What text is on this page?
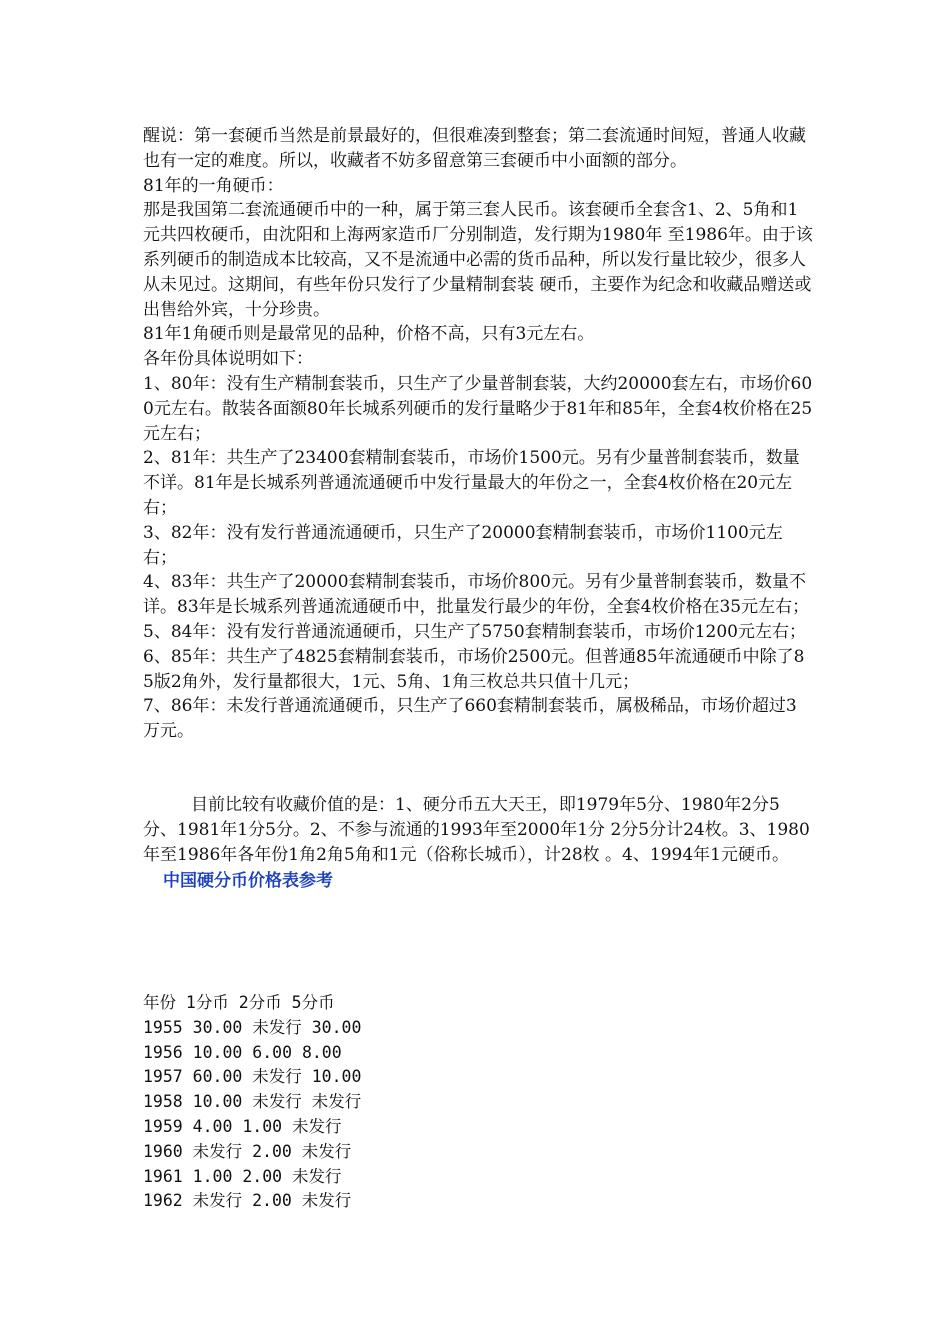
醒说：第一套硬币当然是前景最好的，但很难凑到整套；第二套流通时间短，普通人收藏也有一定的难度。所以，收藏者不妨多留意第三套硬币中小面额的部分。

81年的一角硬币：

那是我国第二套流通硬币中的一种，属于第三套人民币。该套硬币全套含1、2、5角和1元共四枚硬币，由沈阳和上海两家造币厂分别制造，发行期为1980年 至1986年。由于该系列硬币的制造成本比较高，又不是流通中必需的货币品种，所以发行量比较少，很多人从未见过。这期间，有些年份只发行了少量精制套装 硬币，主要作为纪念和收藏品赠送或出售给外宾，十分珍贵。

81年1角硬币则是最常见的品种，价格不高，只有3元左右。

各年份具体说明如下：

1、80年：没有生产精制套装币，只生产了少量普制套装，大约20000套左右，市场价600元左右。散装各面额80年长城系列硬币的发行量略少于81年和85年，全套4枚价格在25元左右；

2、81年：共生产了23400套精制套装币，市场价1500元。另有少量普制套装币，数量不详。81年是长城系列普通流通硬币中发行量最大的年份之一，全套4枚价格在20元左右；

3、82年：没有发行普通流通硬币，只生产了20000套精制套装币，市场价1100元左右；

4、83年：共生产了20000套精制套装币，市场价800元。另有少量普制套装币，数量不详。83年是长城系列普通流通硬币中，批量发行最少的年份，全套4枚价格在35元左右；

5、84年：没有发行普通流通硬币，只生产了5750套精制套装币，市场价1200元左右；

6、85年：共生产了4825套精制套装币，市场价2500元。但普通85年流通硬币中除了85版2角外，发行量都很大，1元、5角、1角三枚总共只值十几元；

7、86年：未发行普通流通硬币，只生产了660套精制套装币，属极稀品，市场价超过3万元。

目前比较有收藏价值的是：1、硬分币五大天王，即1979年5分、1980年2分5分、1981年1分5分。2、不参与流通的1993年至2000年1分 2分5分计24枚。3、1980年至1986年各年份1角2角5角和1元（俗称长城币），计28枚 。4、1994年1元硬币。

中国硬分币价格表参考

年份 1分币 2分币 5分币
1955 30.00 未发行 30.00
1956 10.00 6.00 8.00
1957 60.00 未发行 10.00
1958 10.00 未发行 未发行
1959 4.00 1.00 未发行
1960 未发行 2.00 未发行
1961 1.00 2.00 未发行
1962 未发行 2.00 未发行
